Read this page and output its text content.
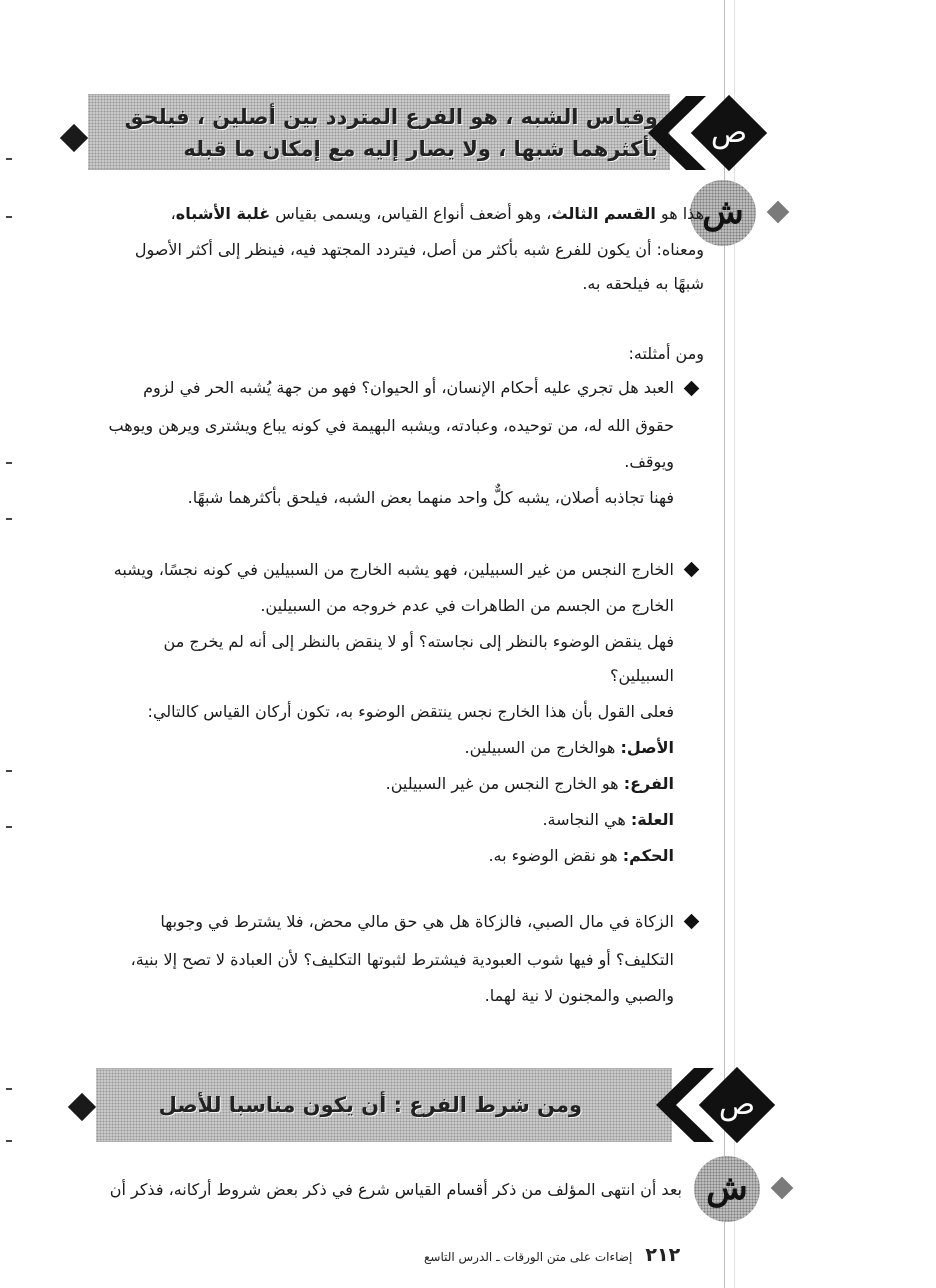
وقياس الشبه ، هو الفرع المتردد بين أصلين ، فيلحق
بأكثرهما شبها ، ولا يصار إليه مع إمكان ما قبله	ص
ش

هذا هو القسم الثالث، وهو أضعف أنواع القياس، ويسمى بقياس غلبة الأشباه،

ومعناه: أن يكون للفرع شبه بأكثر من أصل، فيتردد المجتهد فيه، فينظر إلى أكثر الأصول

شبهًا به فيلحقه به.

ومن أمثلته:

العبد هل تجري عليه أحكام الإنسان، أو الحيوان؟ فهو من جهة يُشبه الحر في لزوم

حقوق الله له، من توحيده، وعبادته، ويشبه البهيمة في كونه يباع ويشترى ويرهن ويوهب

ويوقف.

فهنا تجاذبه أصلان، يشبه كلٌّ واحد منهما بعض الشبه، فيلحق بأكثرهما شبهًا.

الخارج النجس من غير السبيلين، فهو يشبه الخارج من السبيلين في كونه نجسًا، ويشبه

الخارج من الجسم من الطاهرات في عدم خروجه من السبيلين.

فهل ينقض الوضوء بالنظر إلى نجاسته؟ أو لا ينقض بالنظر إلى أنه لم يخرج من

السبيلين؟

فعلى القول بأن هذا الخارج نجس ينتقض الوضوء به، تكون أركان القياس كالتالي:

الأصل: هوالخارج من السبيلين.

الفرع: هو الخارج النجس من غير السبيلين.

العلة: هي النجاسة.

الحكم: هو نقض الوضوء به.

الزكاة في مال الصبي، فالزكاة هل هي حق مالي محض، فلا يشترط في وجوبها

التكليف؟ أو فيها شوب العبودية فيشترط لثبوتها التكليف؟ لأن العبادة لا تصح إلا بنية،

والصبي والمجنون لا نية لهما.

ومن شرط الفرع : أن يكون مناسبا للأصل	ص
ش

بعد أن انتهى المؤلف من ذكر أقسام القياس شرع في ذكر بعض شروط أركانه، فذكر أن

٢١٢ إضاءات على متن الورقات ـ الدرس التاسع
